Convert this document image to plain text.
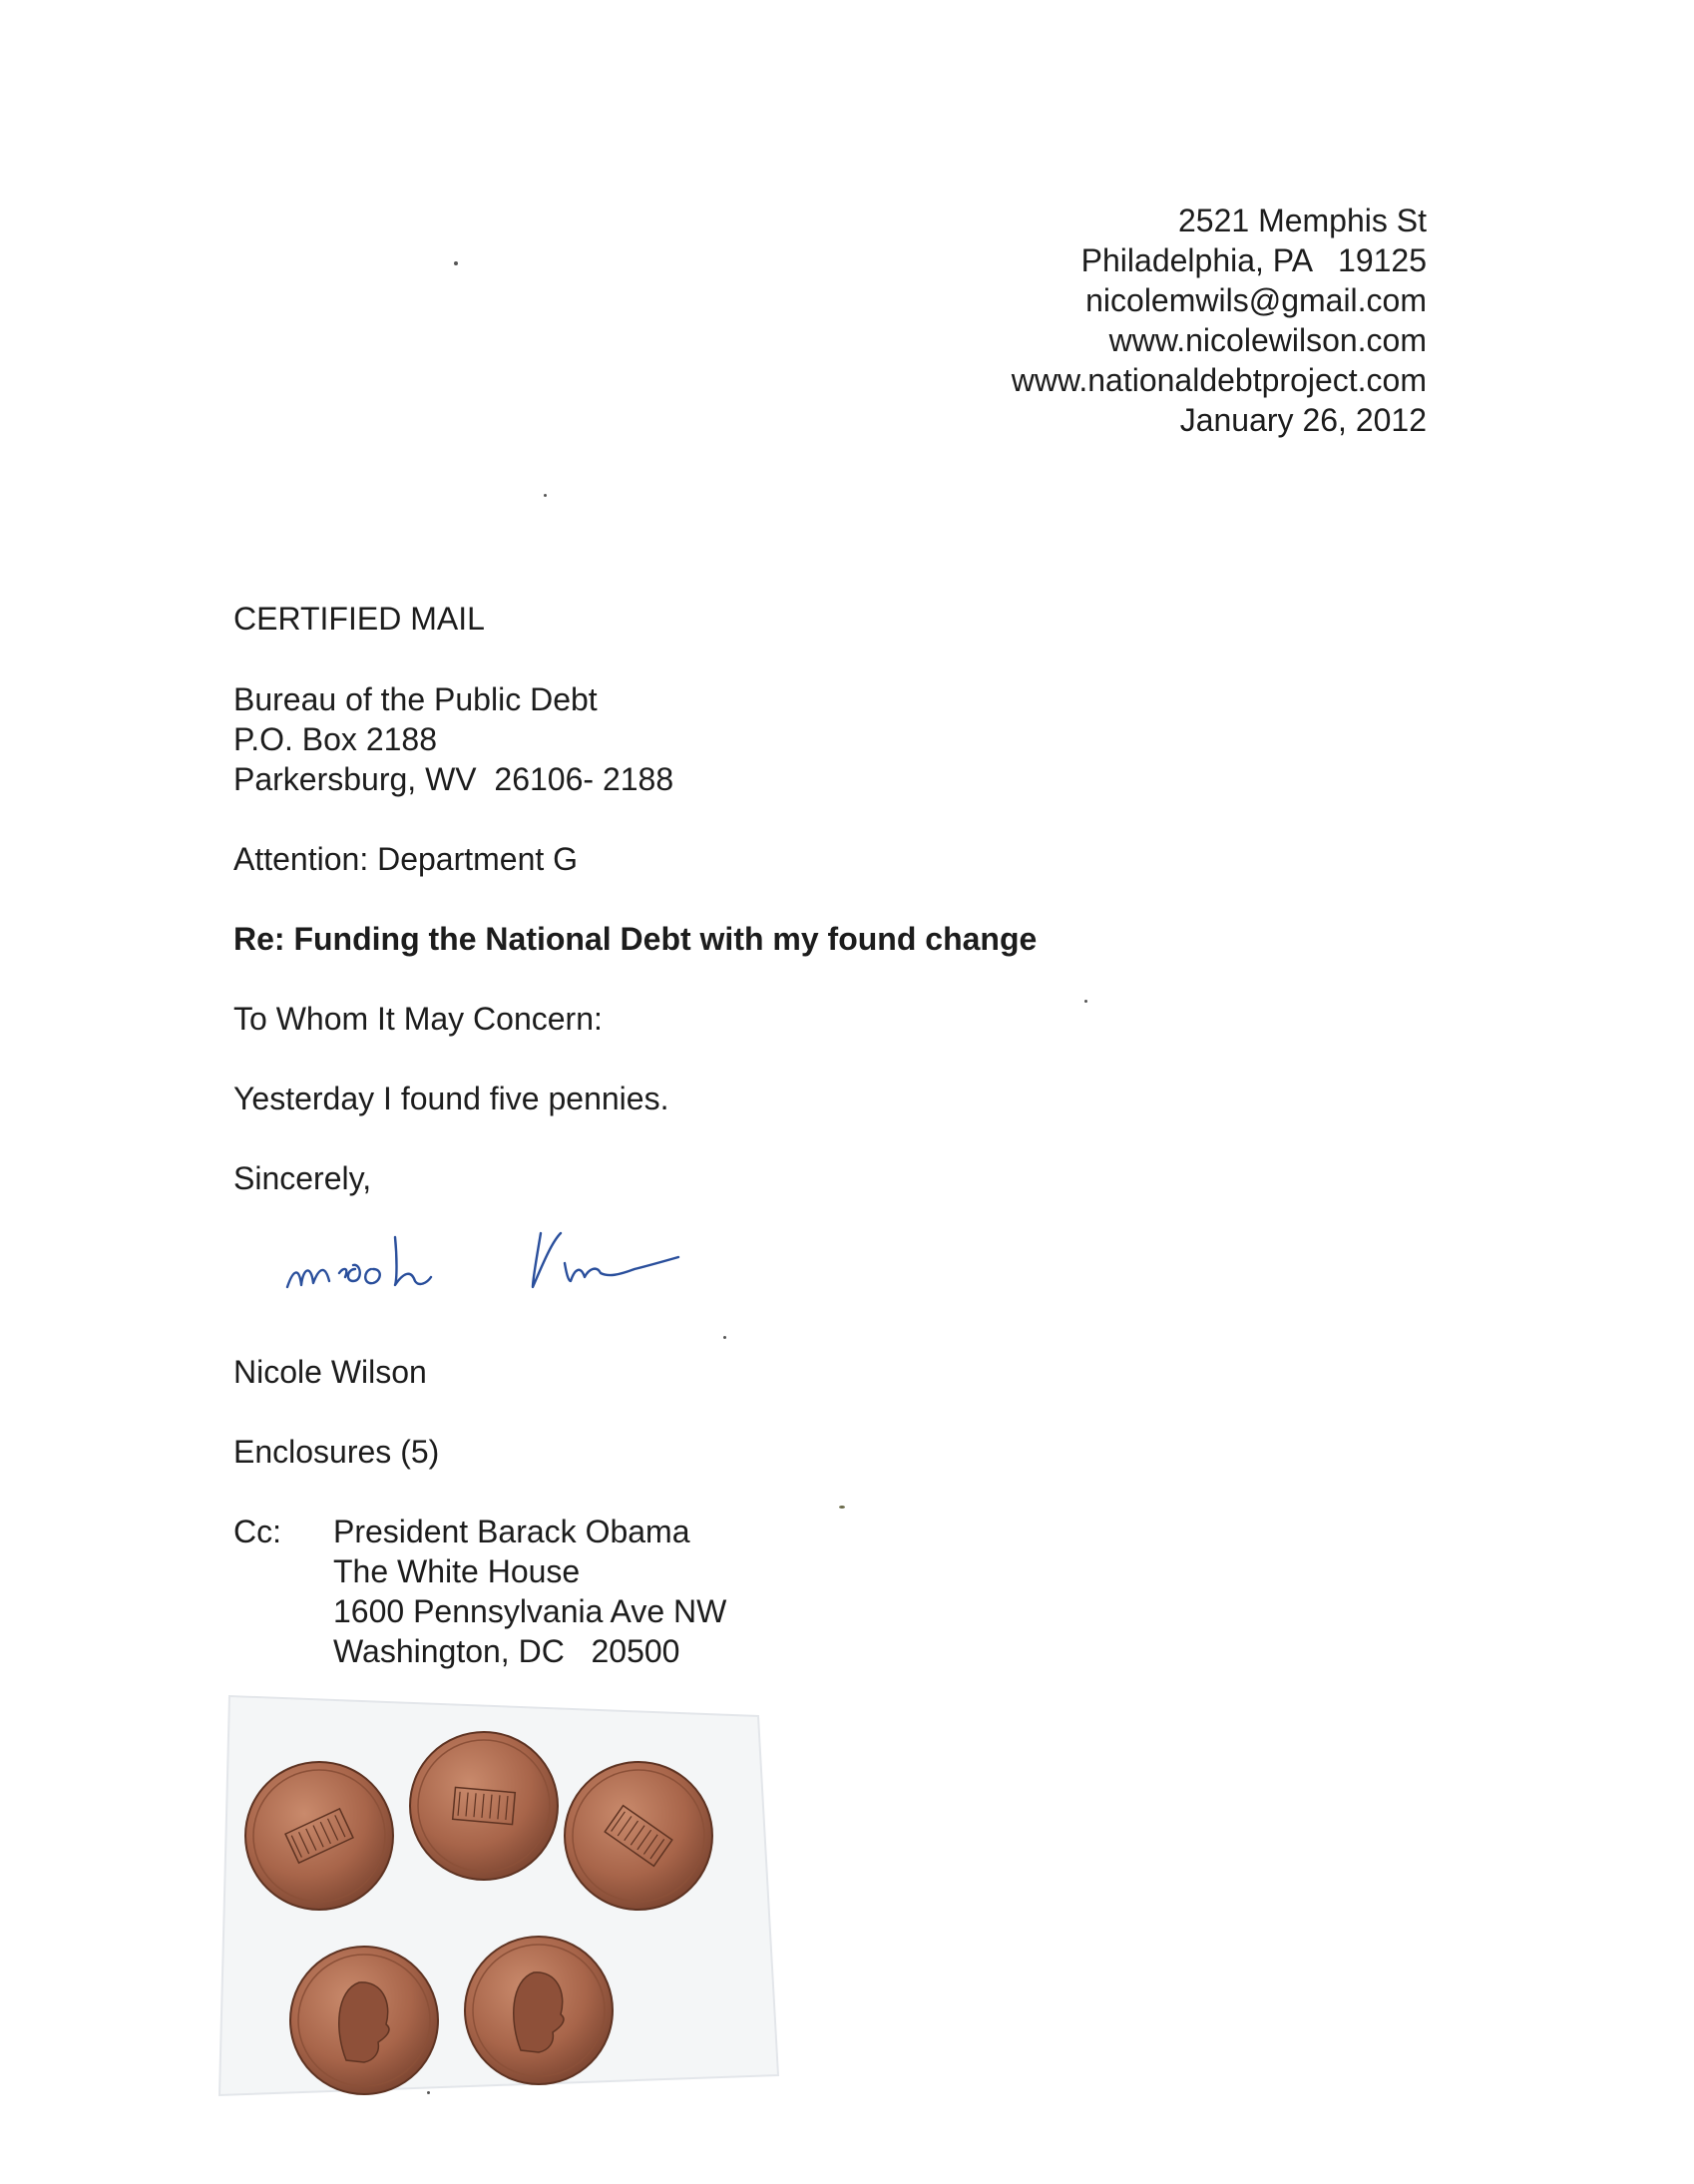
2521 Memphis St
Philadelphia, PA   19125
nicolemwils@gmail.com
www.nicolewilson.com
www.nationaldebtproject.com
January 26, 2012
CERTIFIED MAIL
Bureau of the Public Debt
P.O. Box 2188
Parkersburg, WV  26106- 2188
Attention: Department G
Re: Funding the National Debt with my found change
To Whom It May Concern:
Yesterday I found five pennies.
Sincerely,
Nicole Wilson
Enclosures (5)
Cc: President Barack Obama
The White House
1600 Pennsylvania Ave NW
Washington, DC   20500
